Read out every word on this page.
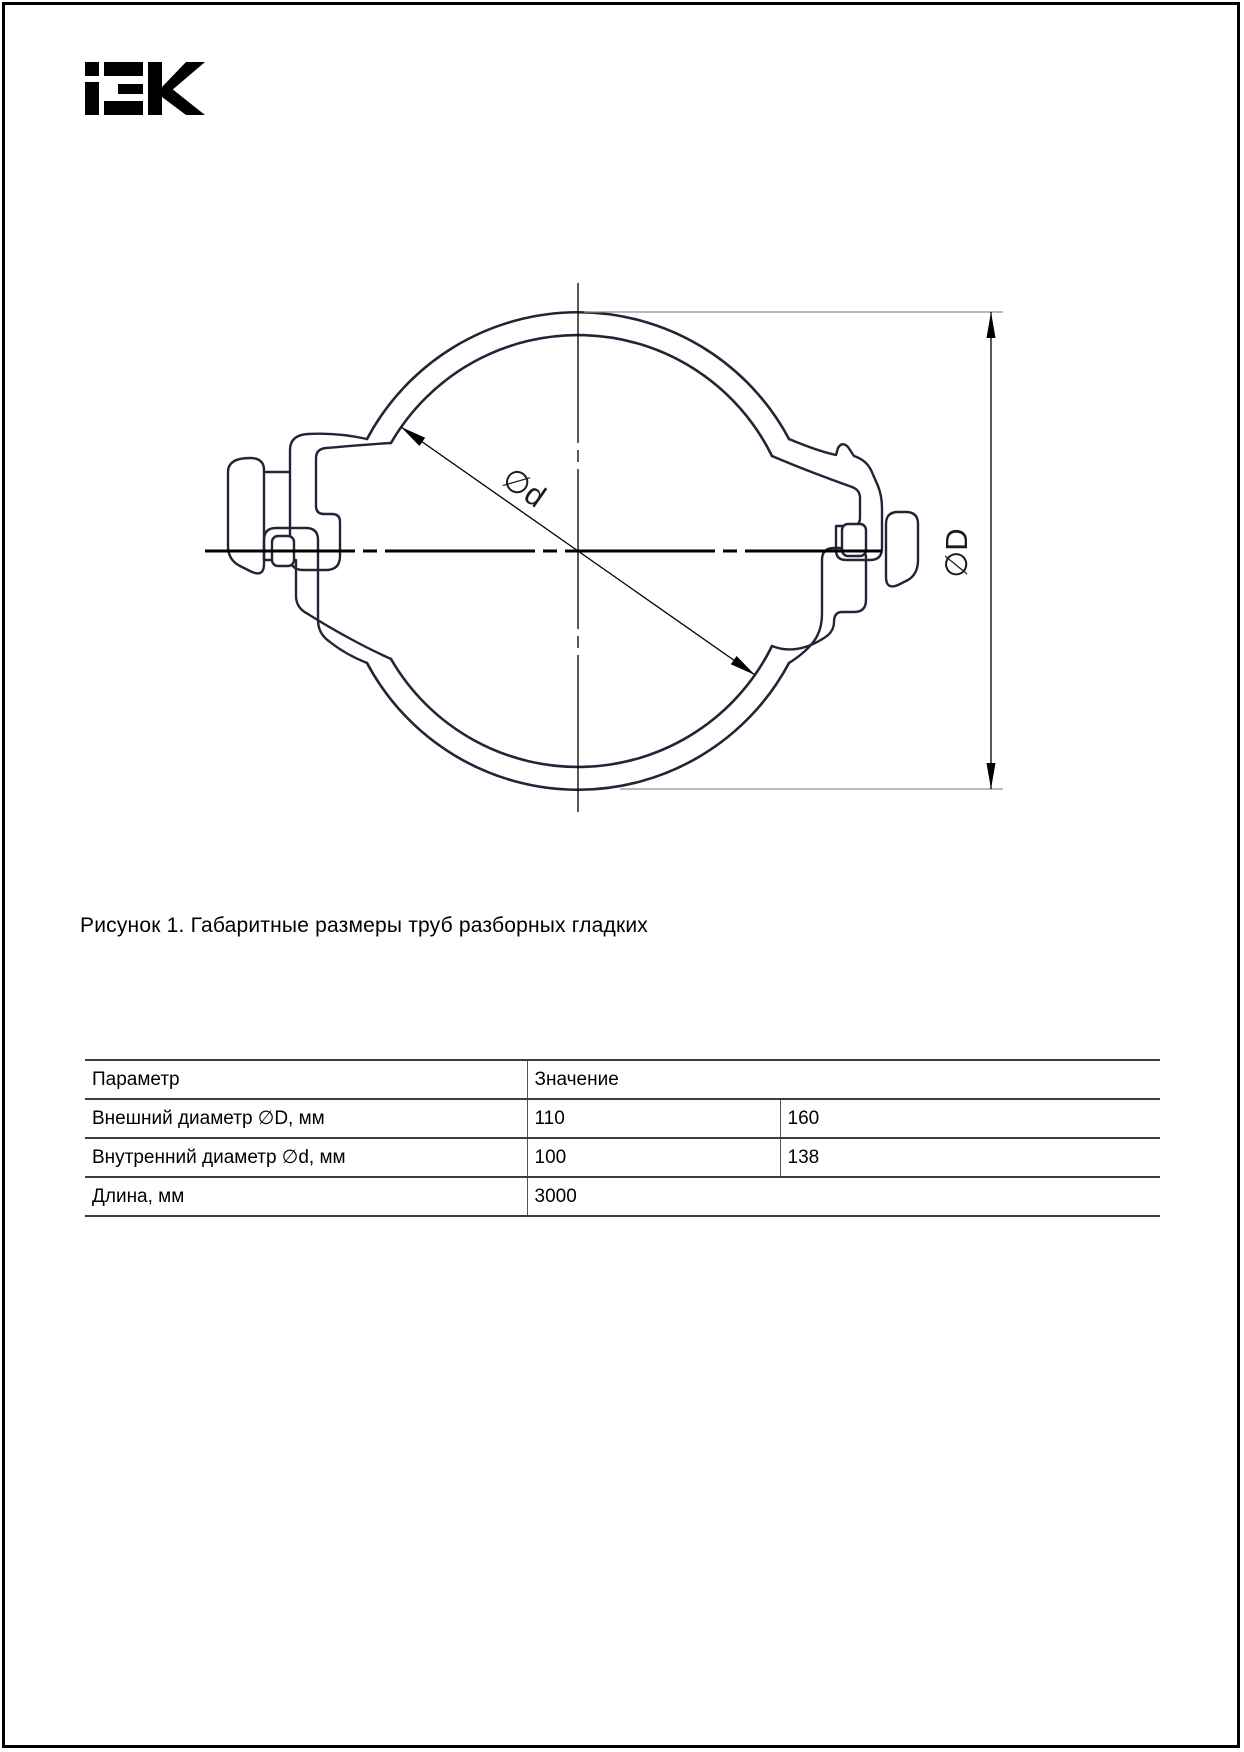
∅d
∅D
Рисунок 1. Габаритные размеры труб разборных гладких
Параметр	Значение	
Внешний диаметр ∅D, мм	110	160
Внутренний диаметр ∅d, мм	100	138
Длина, мм	3000	
